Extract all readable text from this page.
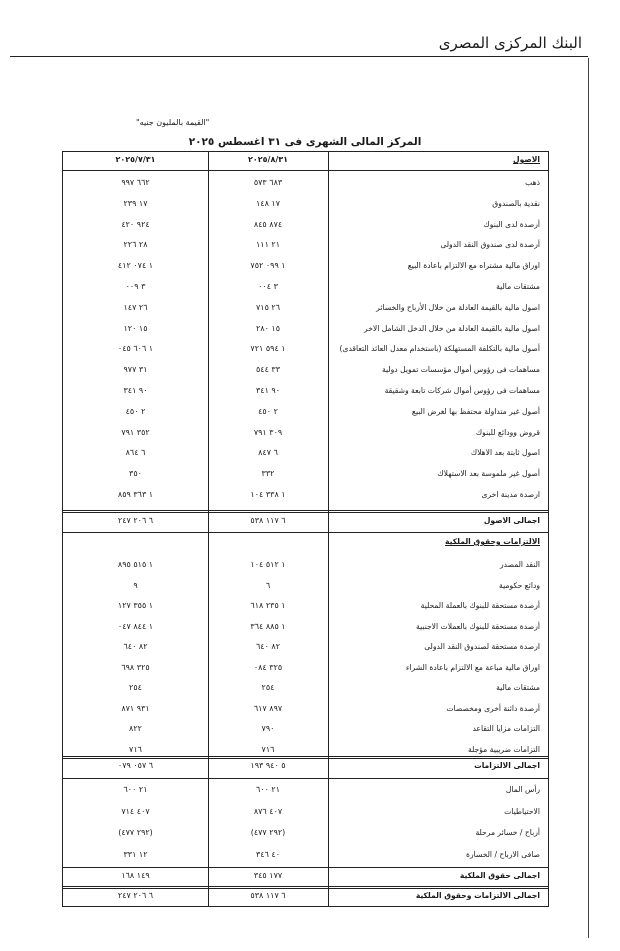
البنك المركزى المصرى
"القيمة بالمليون جنيه"
المركز المالى الشهرى فى ٣١ اغسطس ٢٠٢٥
الاصول
٢٠٢٥/٨/٣١
٢٠٢٥/٧/٣١
ذهب
٦٨٣ ٥٧٣
٦٦٢ ٩٩٧
نقدية بالصندوق
١٧ ١٤٨
١٧ ٢٣٩
أرصدة لدى البنوك
٨٧٤ ٨٤٥
٩٢٤ ٤٢٠
أرصدة لدى صندوق النقد الدولى
٢١ ١١١
٢٨ ٢٢٦
اوراق مالية مشتراه مع الالتزام باعادة البيع
١ ٠٩٩ ٧٥٢
١ ٠٧٤ ٤١٢
مشتقات مالية
٣ ٠٠٤
٣ ٠٠٩
اصول مالية بالقيمة العادلة من خلال الأرباح والخسائر
٢٦ ٧١٥
٢٦ ١٤٧
اصول مالية بالقيمة العادلة من خلال الدخل الشامل الاخر
١٥ ٢٨٠
١٥ ١٢٠
أصول مالية بالتكلفة المستهلكة (باستخدام معدل العائد التعاقدى)
١ ٥٩٤ ٧٢١
١ ٦٠٦ ٠٤٥
مساهمات فى رؤوس أموال مؤسسات تمويل دولية
٣٣ ٥٤٤
٣١ ٩٧٧
مساهمات فى رؤوس أموال شركات تابعة وشقيقة
٩٠ ٣٤١
٩٠ ٣٤١
أصول غير متداولة محتفظ بها لغرض البيع
٢ ٤٥٠
٢ ٤٥٠
قروض وودائع للبنوك
٣٠٩ ٧٩١
٣٥٢ ٧٩١
اصول ثابتة بعد الاهلاك
٦ ٨٤٧
٦ ٨٦٤
أصول غير ملموسة بعد الاستهلاك
٣٣٢
٣٥٠
ارصدة مدينة اخرى
١ ٣٣٨ ١٠٤
١ ٣٦٣ ٨٥٩
اجمالى الاصول
٦ ١١٧ ٥٣٨
٦ ٢٠٦ ٢٤٧
الالتزامات وحقوق الملكية
النقد المصدر
١ ٥١٢ ١٠٤
١ ٥١٥ ٨٩٥
ودائع حكومية
٦
٩
أرصدة مستحقة للبنوك بالعملة المحلية
١ ٢٣٥ ٦١٨
١ ٣٥٥ ١٢٧
أرصدة مستحقة للبنوك بالعملات الاجنبية
١ ٨٨٥ ٣٦٤
١ ٨٤٤ ٠٤٧
ارصدة مستحقة لصندوق النقد الدولى
٨٢ ٦٤٠
٨٢ ٦٤٠
اوراق مالية مباعة مع الالتزام باعادة الشراء
٣٢٥ ٠٨٤
٣٢٥ ٦٩٨
مشتقات مالية
٢٥٤
٢٥٤
أرصدة دائنة أخرى ومخصصات
٨٩٧ ٦١٧
٩٣١ ٨٧١
التزامات مزايا التقاعد
٧٩٠
٨٢٢
التزامات ضريبية مؤجلة
٧١٦
٧١٦
اجمالى الالتزامات
٥ ٩٤٠ ١٩٣
٦ ٠٥٧ ٠٧٩
رأس المال
٢١ ٦٠٠
٢١ ٦٠٠
الاحتياطيات
٤٠٧ ٨٧٦
٤٠٧ ٧١٤
أرباح / خسائر مرحلة
(٢٩٢ ٤٧٧)
(٢٩٢ ٤٧٧)
صافى الارباح / الخسارة
٤٠ ٣٤٦
١٢ ٣٣١
اجمالى حقوق الملكية
١٧٧ ٣٤٥
١٤٩ ١٦٨
اجمالى الالتزامات وحقوق الملكية
٦ ١١٧ ٥٣٨
٦ ٢٠٦ ٢٤٧
